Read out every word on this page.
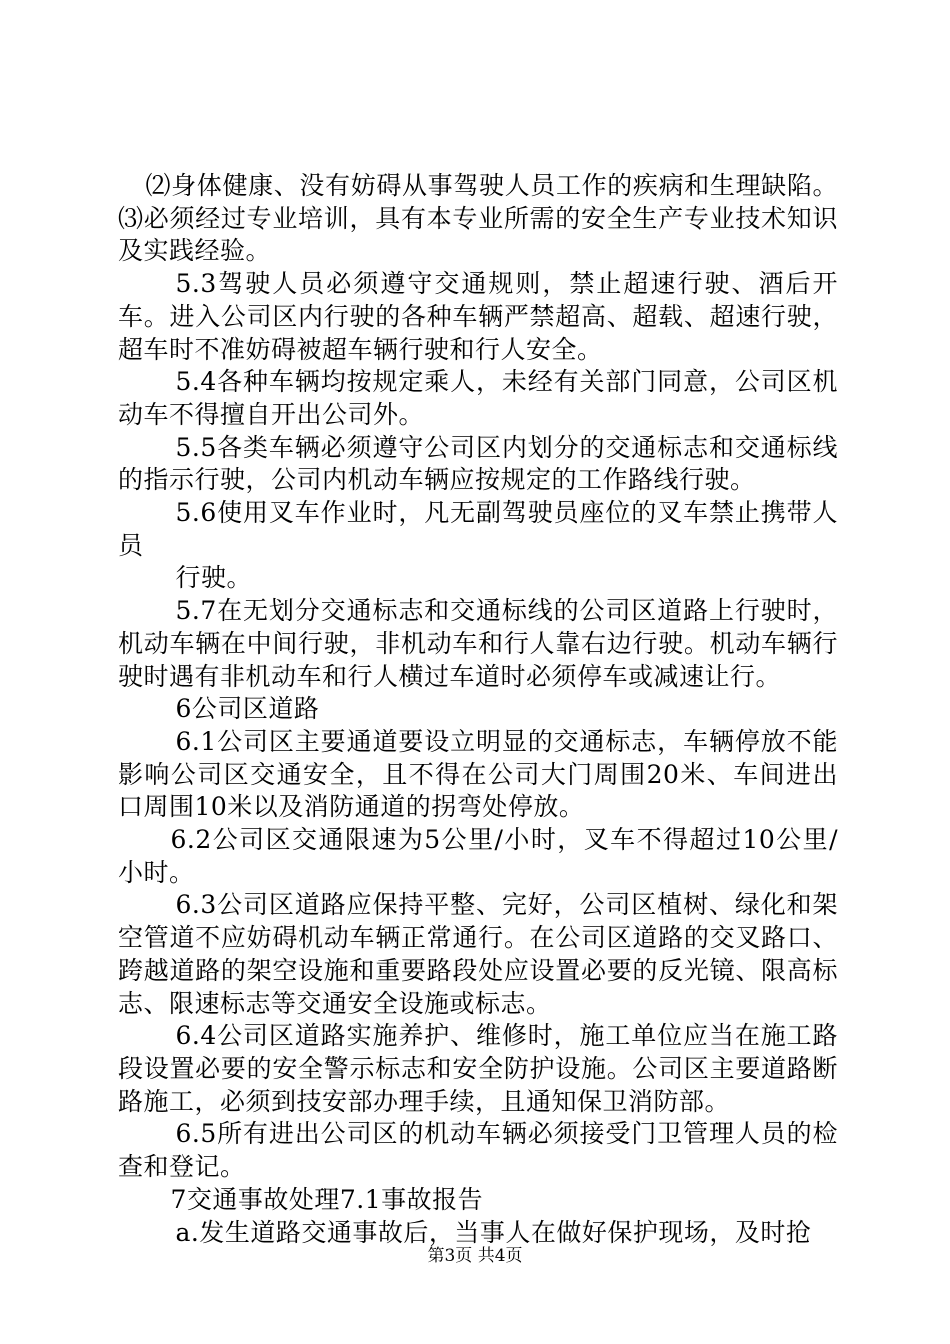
⑵身体健康、没有妨碍从事驾驶人员工作的疾病和生理缺陷。⑶必须经过专业培训，具有本专业所需的安全生产专业技术知识及实践经验。

5.3驾驶人员必须遵守交通规则，禁止超速行驶、酒后开车。进入公司区内行驶的各种车辆严禁超高、超载、超速行驶，超车时不准妨碍被超车辆行驶和行人安全。

5.4各种车辆均按规定乘人，未经有关部门同意，公司区机动车不得擅自开出公司外。

5.5各类车辆必须遵守公司区内划分的交通标志和交通标线的指示行驶，公司内机动车辆应按规定的工作路线行驶。

5.6使用叉车作业时，凡无副驾驶员座位的叉车禁止携带人员

行驶。

5.7在无划分交通标志和交通标线的公司区道路上行驶时，机动车辆在中间行驶，非机动车和行人靠右边行驶。机动车辆行驶时遇有非机动车和行人横过车道时必须停车或减速让行。

6公司区道路

6.1公司区主要通道要设立明显的交通标志，车辆停放不能影响公司区交通安全，且不得在公司大门周围20米、车间进出口周围10米以及消防通道的拐弯处停放。

6.2公司区交通限速为5公里/小时，叉车不得超过10公里/小时。

6.3公司区道路应保持平整、完好，公司区植树、绿化和架空管道不应妨碍机动车辆正常通行。在公司区道路的交叉路口、跨越道路的架空设施和重要路段处应设置必要的反光镜、限高标志、限速标志等交通安全设施或标志。

6.4公司区道路实施养护、维修时，施工单位应当在施工路段设置必要的安全警示标志和安全防护设施。公司区主要道路断路施工，必须到技安部办理手续，且通知保卫消防部。

6.5所有进出公司区的机动车辆必须接受门卫管理人员的检查和登记。

7交通事故处理7.1事故报告

a.发生道路交通事故后，当事人在做好保护现场，及时抢

第3页 共4页
